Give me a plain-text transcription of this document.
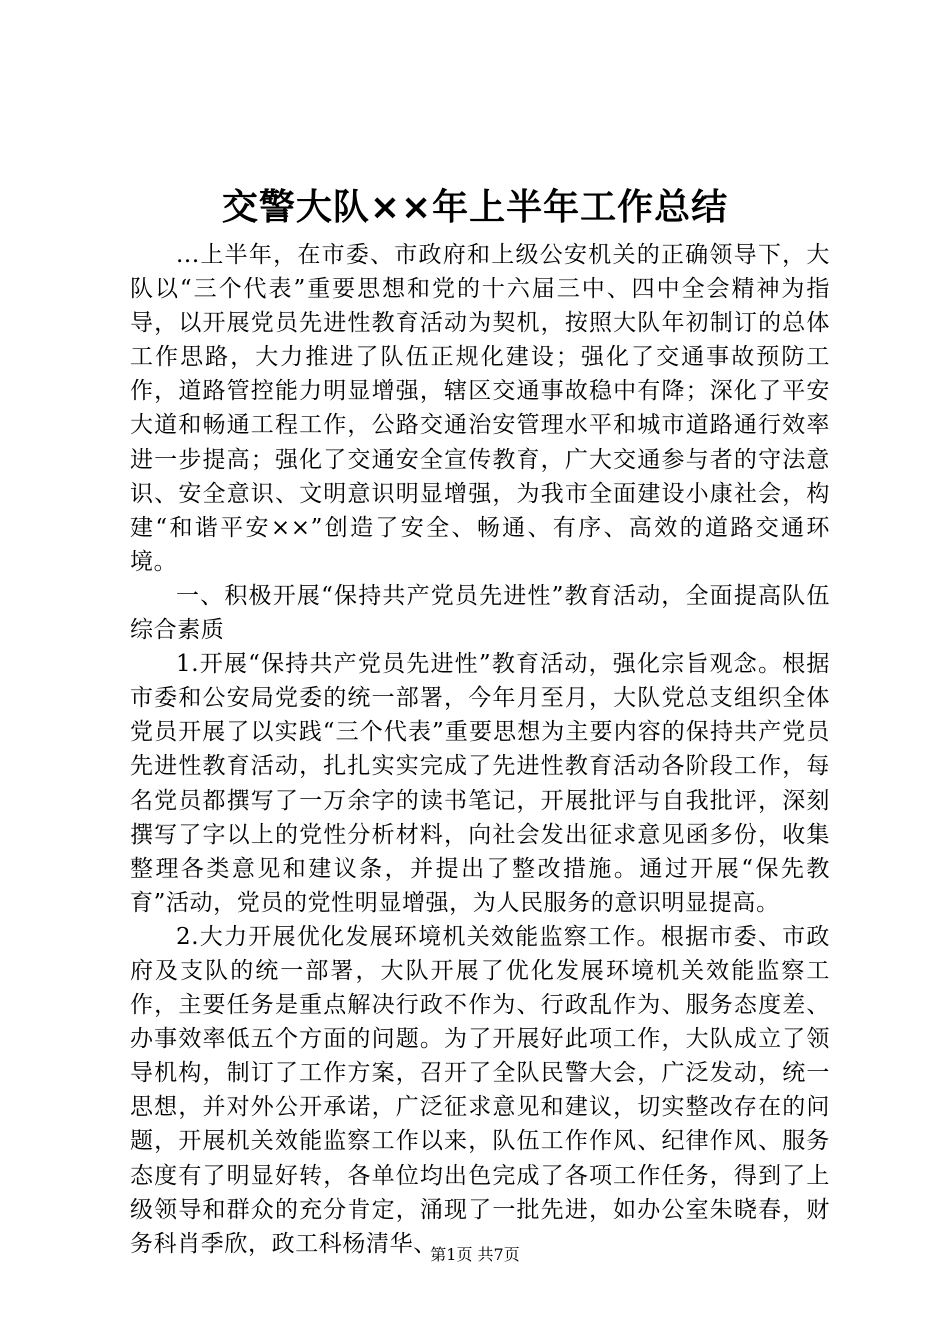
交警大队××年上半年工作总结

...上半年，在市委、市政府和上级公安机关的正确领导下，大队以“三个代表”重要思想和党的十六届三中、四中全会精神为指导，以开展党员先进性教育活动为契机，按照大队年初制订的总体工作思路，大力推进了队伍正规化建设；强化了交通事故预防工作，道路管控能力明显增强，辖区交通事故稳中有降；深化了平安大道和畅通工程工作，公路交通治安管理水平和城市道路通行效率进一步提高；强化了交通安全宣传教育，广大交通参与者的守法意识、安全意识、文明意识明显增强，为我市全面建设小康社会，构建“和谐平安××”创造了安全、畅通、有序、高效的道路交通环境。

一、积极开展“保持共产党员先进性”教育活动，全面提高队伍综合素质

1.开展“保持共产党员先进性”教育活动，强化宗旨观念。根据市委和公安局党委的统一部署，今年月至月，大队党总支组织全体党员开展了以实践“三个代表”重要思想为主要内容的保持共产党员先进性教育活动，扎扎实实完成了先进性教育活动各阶段工作，每名党员都撰写了一万余字的读书笔记，开展批评与自我批评，深刻撰写了字以上的党性分析材料，向社会发出征求意见函多份，收集整理各类意见和建议条，并提出了整改措施。通过开展“保先教育”活动，党员的党性明显增强，为人民服务的意识明显提高。

2.大力开展优化发展环境机关效能监察工作。根据市委、市政府及支队的统一部署，大队开展了优化发展环境机关效能监察工作，主要任务是重点解决行政不作为、行政乱作为、服务态度差、办事效率低五个方面的问题。为了开展好此项工作，大队成立了领导机构，制订了工作方案，召开了全队民警大会，广泛发动，统一思想，并对外公开承诺，广泛征求意见和建议，切实整改存在的问题，开展机关效能监察工作以来，队伍工作作风、纪律作风、服务态度有了明显好转，各单位均出色完成了各项工作任务，得到了上级领导和群众的充分肯定，涌现了一批先进，如办公室朱晓春，财务科肖季欣，政工科杨清华、

第1页 共7页
